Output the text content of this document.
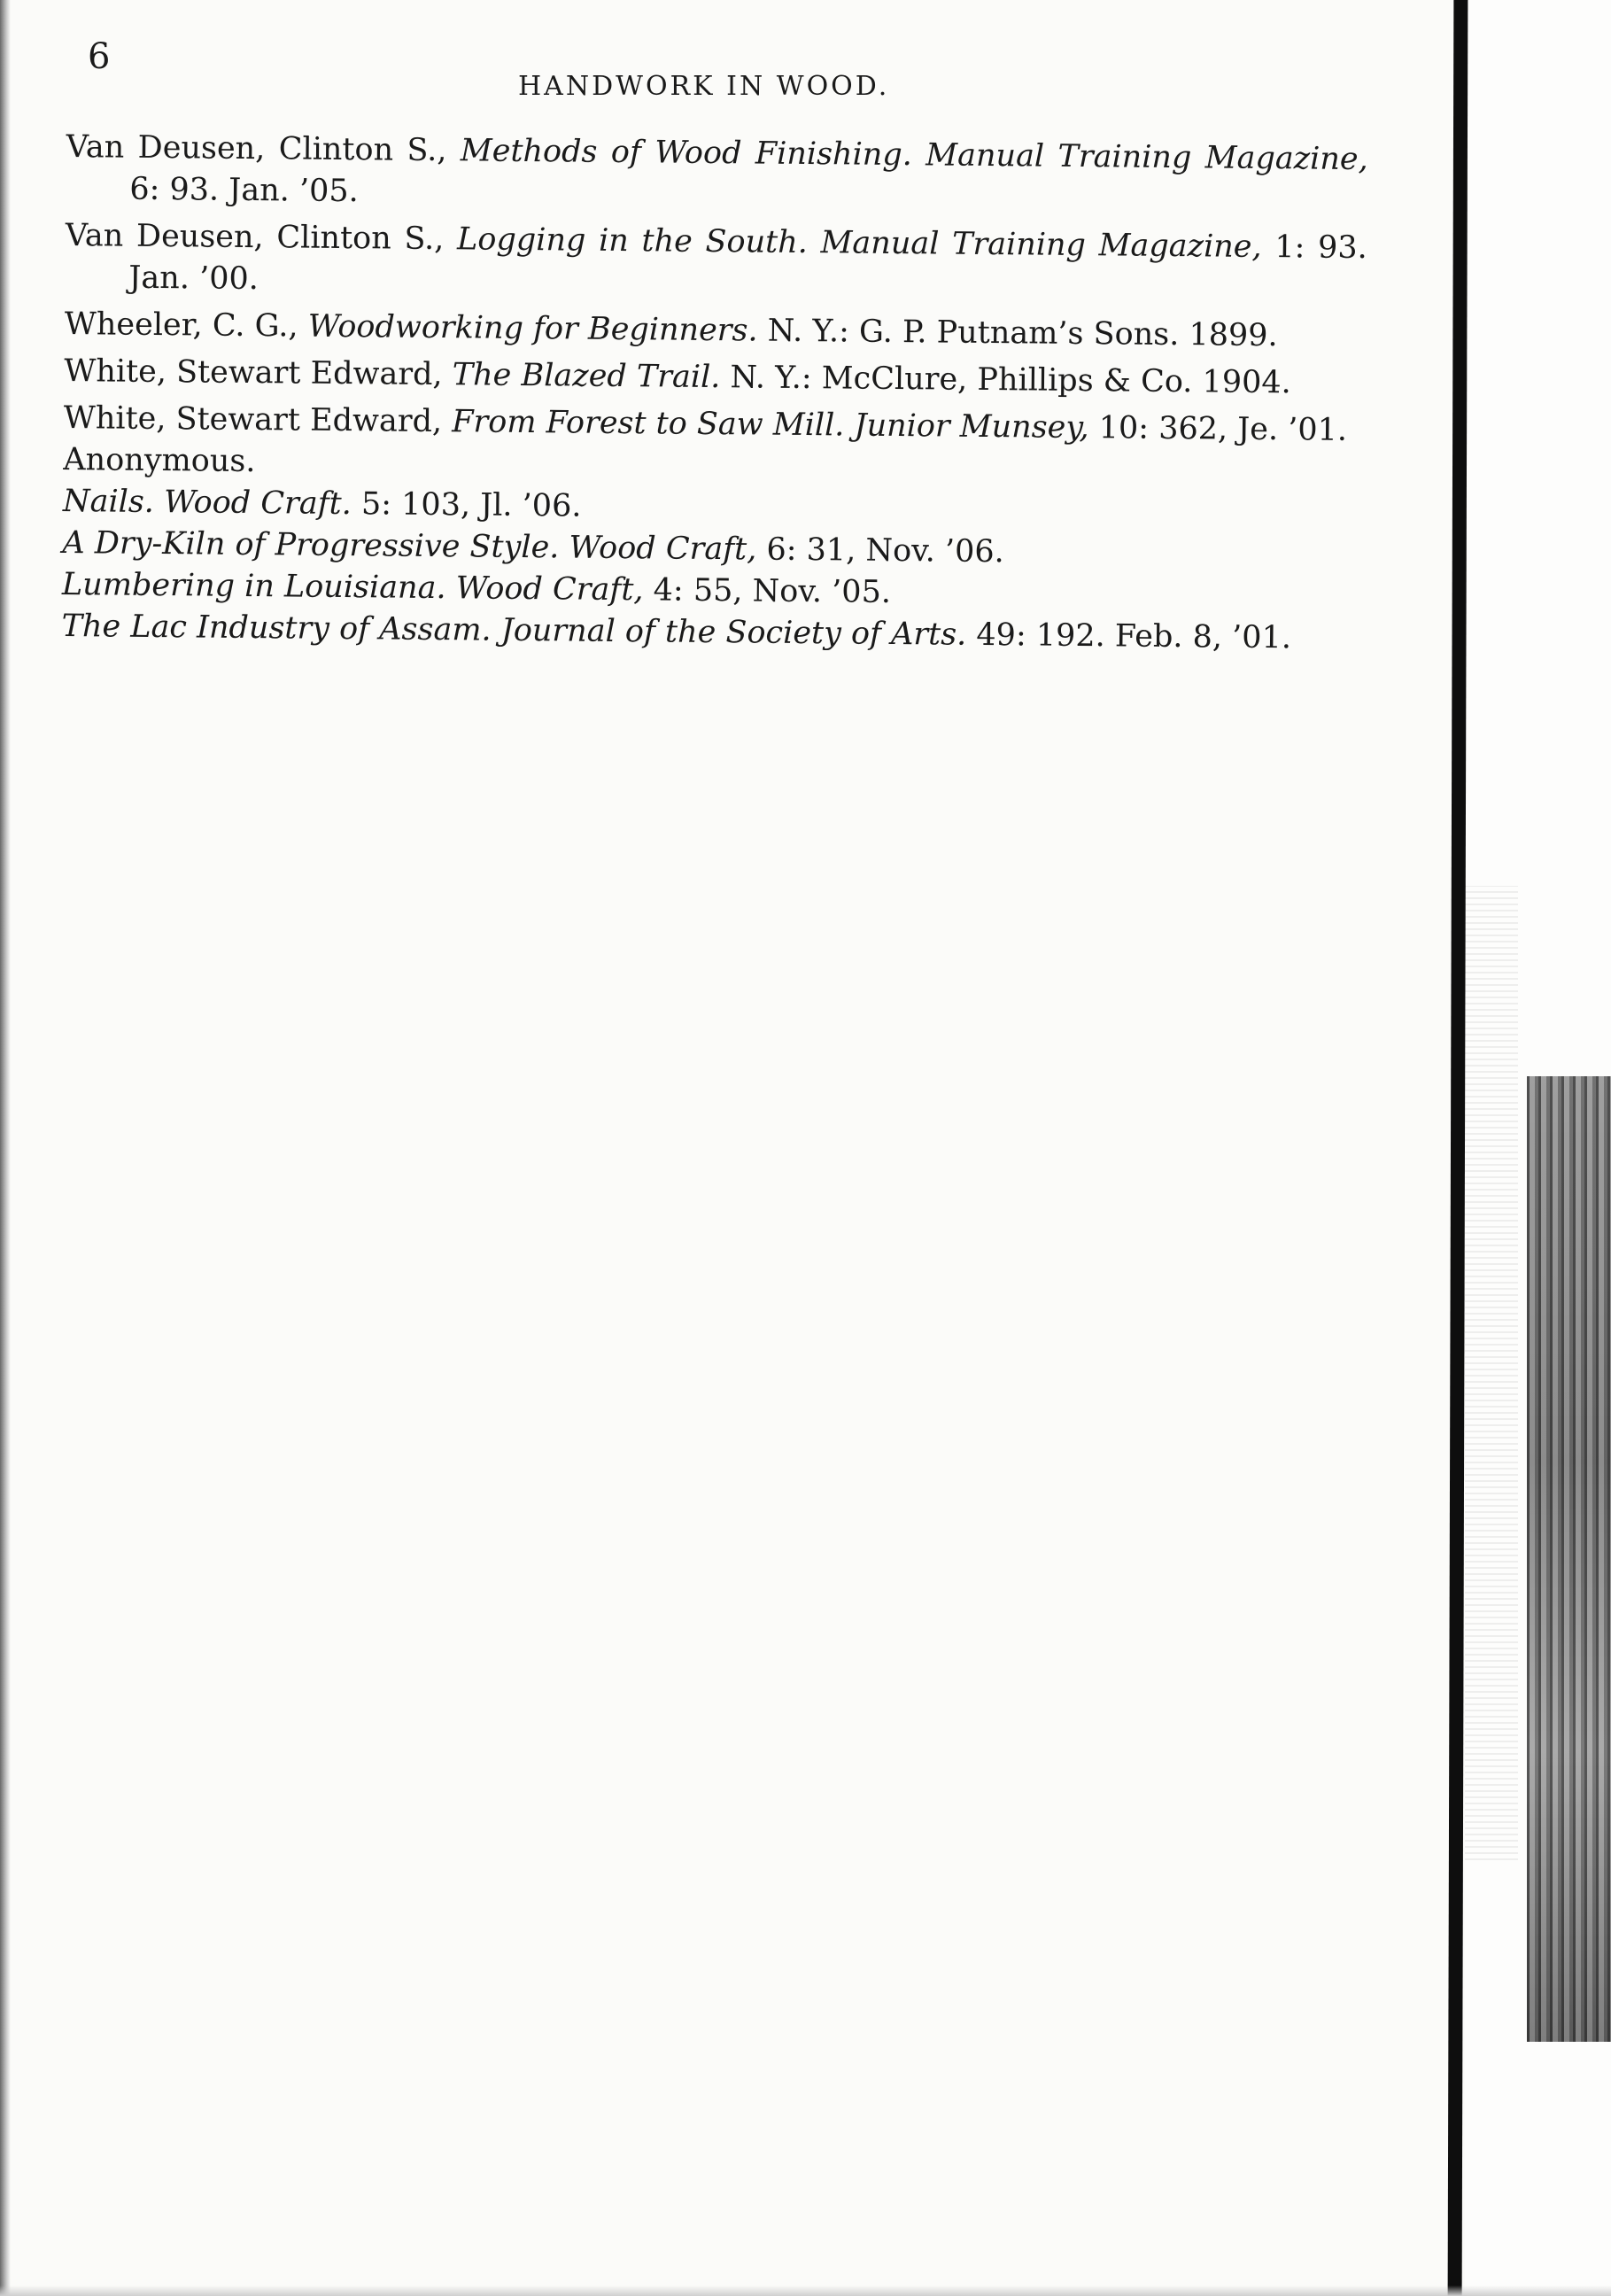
6
HANDWORK IN WOOD.

Van Deusen, Clinton S., Methods of Wood Finishing. Manual Training Magazine, 6: 93. Jan. ’05.

Van Deusen, Clinton S., Logging in the South. Manual Training Magazine, 1: 93. Jan. ’00.

Wheeler, C. G., Woodworking for Beginners. N. Y.: G. P. Putnam’s Sons. 1899.

White, Stewart Edward, The Blazed Trail. N. Y.: McClure, Phillips & Co. 1904.

White, Stewart Edward, From Forest to Saw Mill. Junior Munsey, 10: 362, Je. ’01.

Anonymous.

Nails. Wood Craft. 5: 103, Jl. ’06.

A Dry-Kiln of Progressive Style. Wood Craft, 6: 31, Nov. ’06.

Lumbering in Louisiana. Wood Craft, 4: 55, Nov. ’05.

The Lac Industry of Assam. Journal of the Society of Arts. 49: 192. Feb. 8, ’01.
